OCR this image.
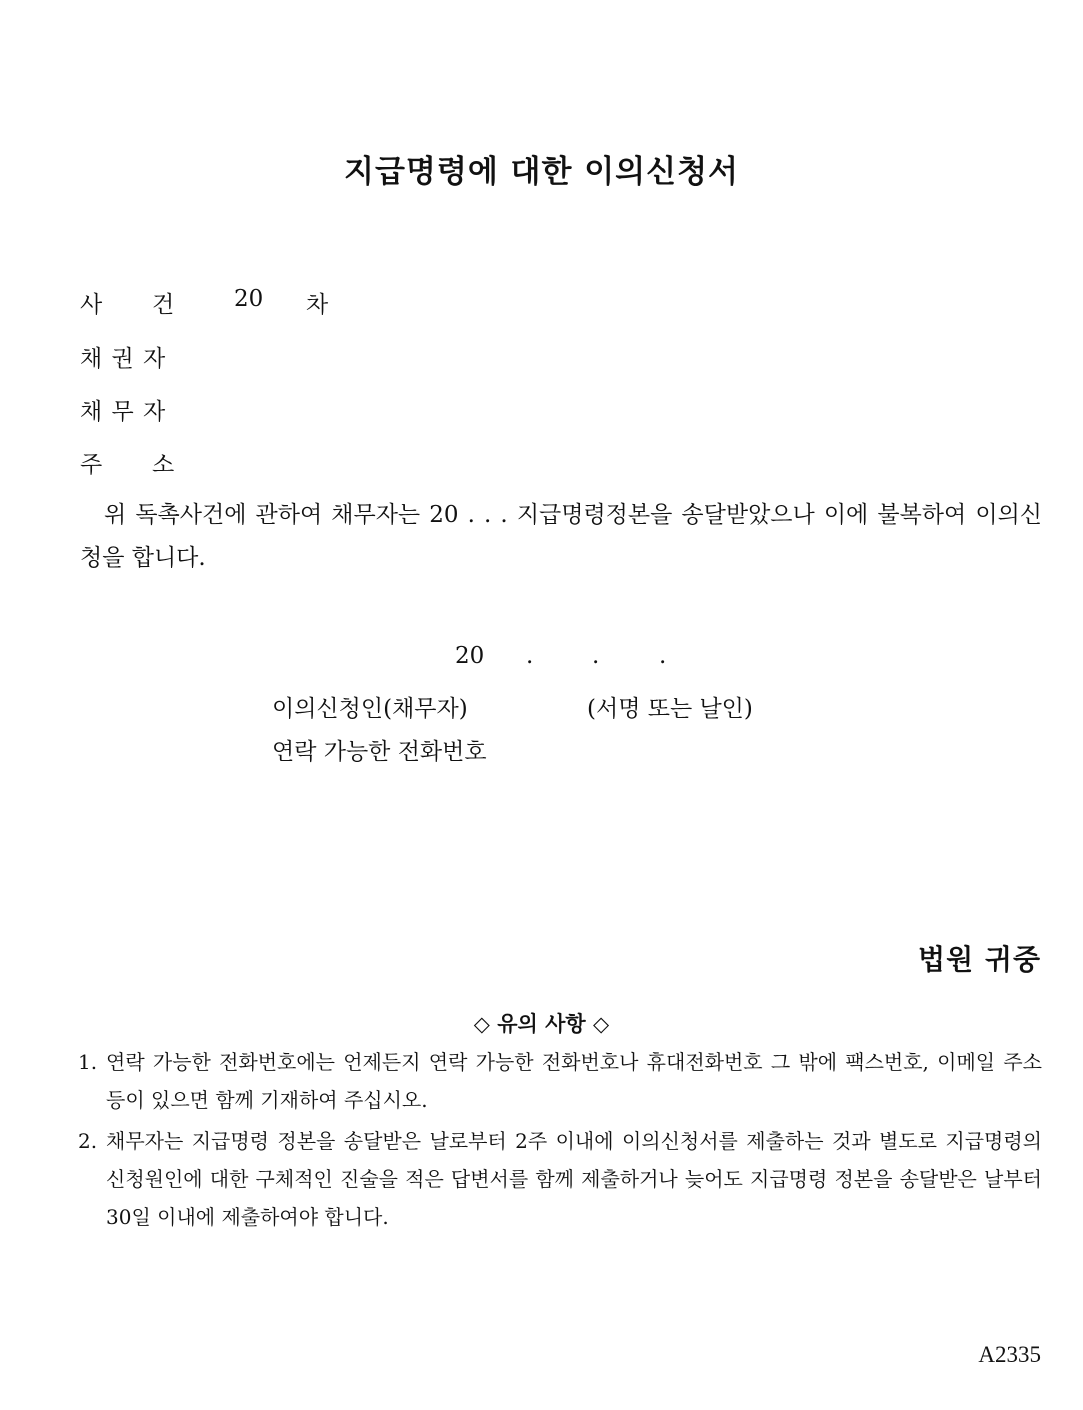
지급명령에 대한 이의신청서
사 건	20 차
채 권 자
채 무 자
주 소
위 독촉사건에 관하여 채무자는 20 . . . 지급명령정본을 송달받았으나 이에 불복하여 이의신청을 합니다.
20 .	.	.
이의신청인(채무자)	(서명 또는 날인)
연락 가능한 전화번호
법원 귀중
◇ 유의 사항 ◇
1. 연락 가능한 전화번호에는 언제든지 연락 가능한 전화번호나 휴대전화번호 그 밖에 팩스번호, 이메일 주소 등이 있으면 함께 기재하여 주십시오.
2. 채무자는 지급명령 정본을 송달받은 날로부터 2주 이내에 이의신청서를 제출하는 것과 별도로 지급명령의 신청원인에 대한 구체적인 진술을 적은 답변서를 함께 제출하거나 늦어도 지급명령 정본을 송달받은 날부터 30일 이내에 제출하여야 합니다.
A2335
